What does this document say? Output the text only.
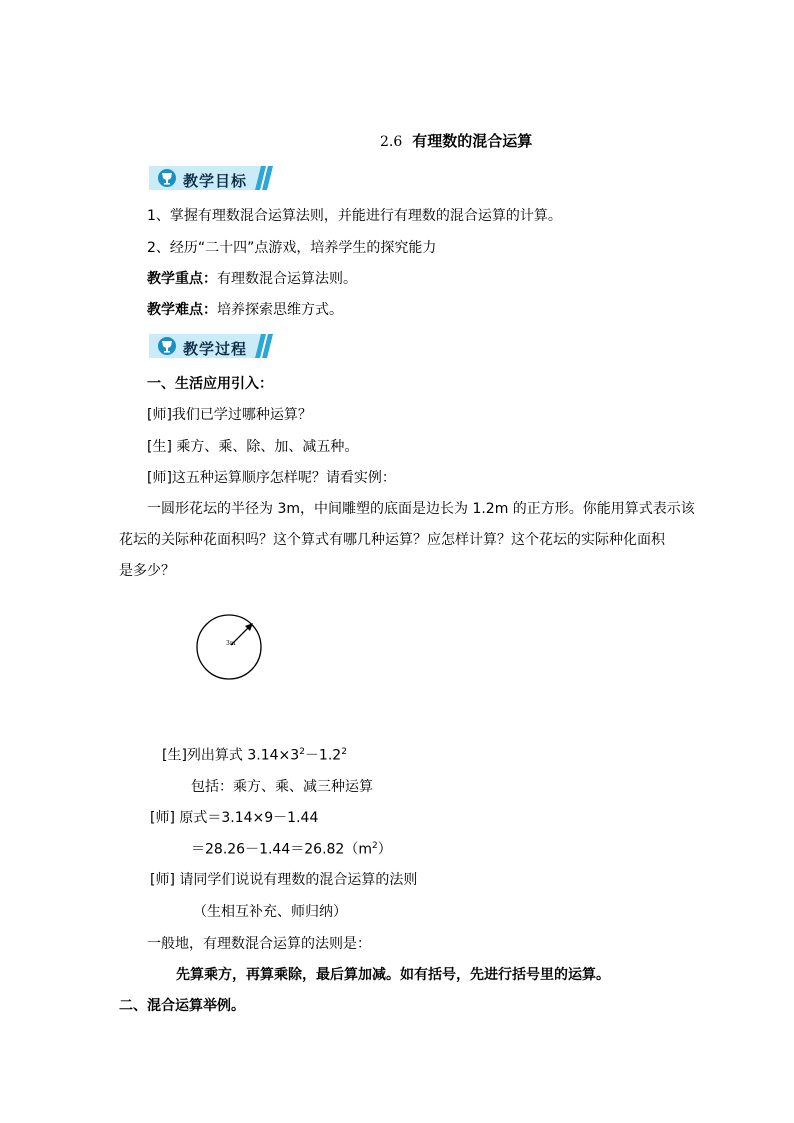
2.6 有理数的混合运算
教学目标
1、掌握有理数混合运算法则，并能进行有理数的混合运算的计算。
2、经历“二十四”点游戏，培养学生的探究能力
教学重点：有理数混合运算法则。
教学难点：培养探索思维方式。
教学过程
一、生活应用引入：
[师]我们已学过哪种运算？
[生] 乘方、乘、除、加、减五种。
[师]这五种运算顺序怎样呢？请看实例：
一圆形花坛的半径为 3m，中间雕塑的底面是边长为 1.2m 的正方形。你能用算式表示该
花坛的关际种花面积吗？这个算式有哪几种运算？应怎样计算？这个花坛的实际种化面积
是多少？
3m
[生]列出算式 $3.14\times 3^2-1.2^2$
包括：乘方、乘、减三种运算
[师] 原式＝3.14×9－1.44
$=28.26-1.44=26.82(m^2)$
[师] 请同学们说说有理数的混合运算的法则
（生相互补充、师归纳）
一般地，有理数混合运算的法则是：
先算乘方，再算乘除，最后算加减。如有括号，先进行括号里的运算。
二、混合运算举例。
